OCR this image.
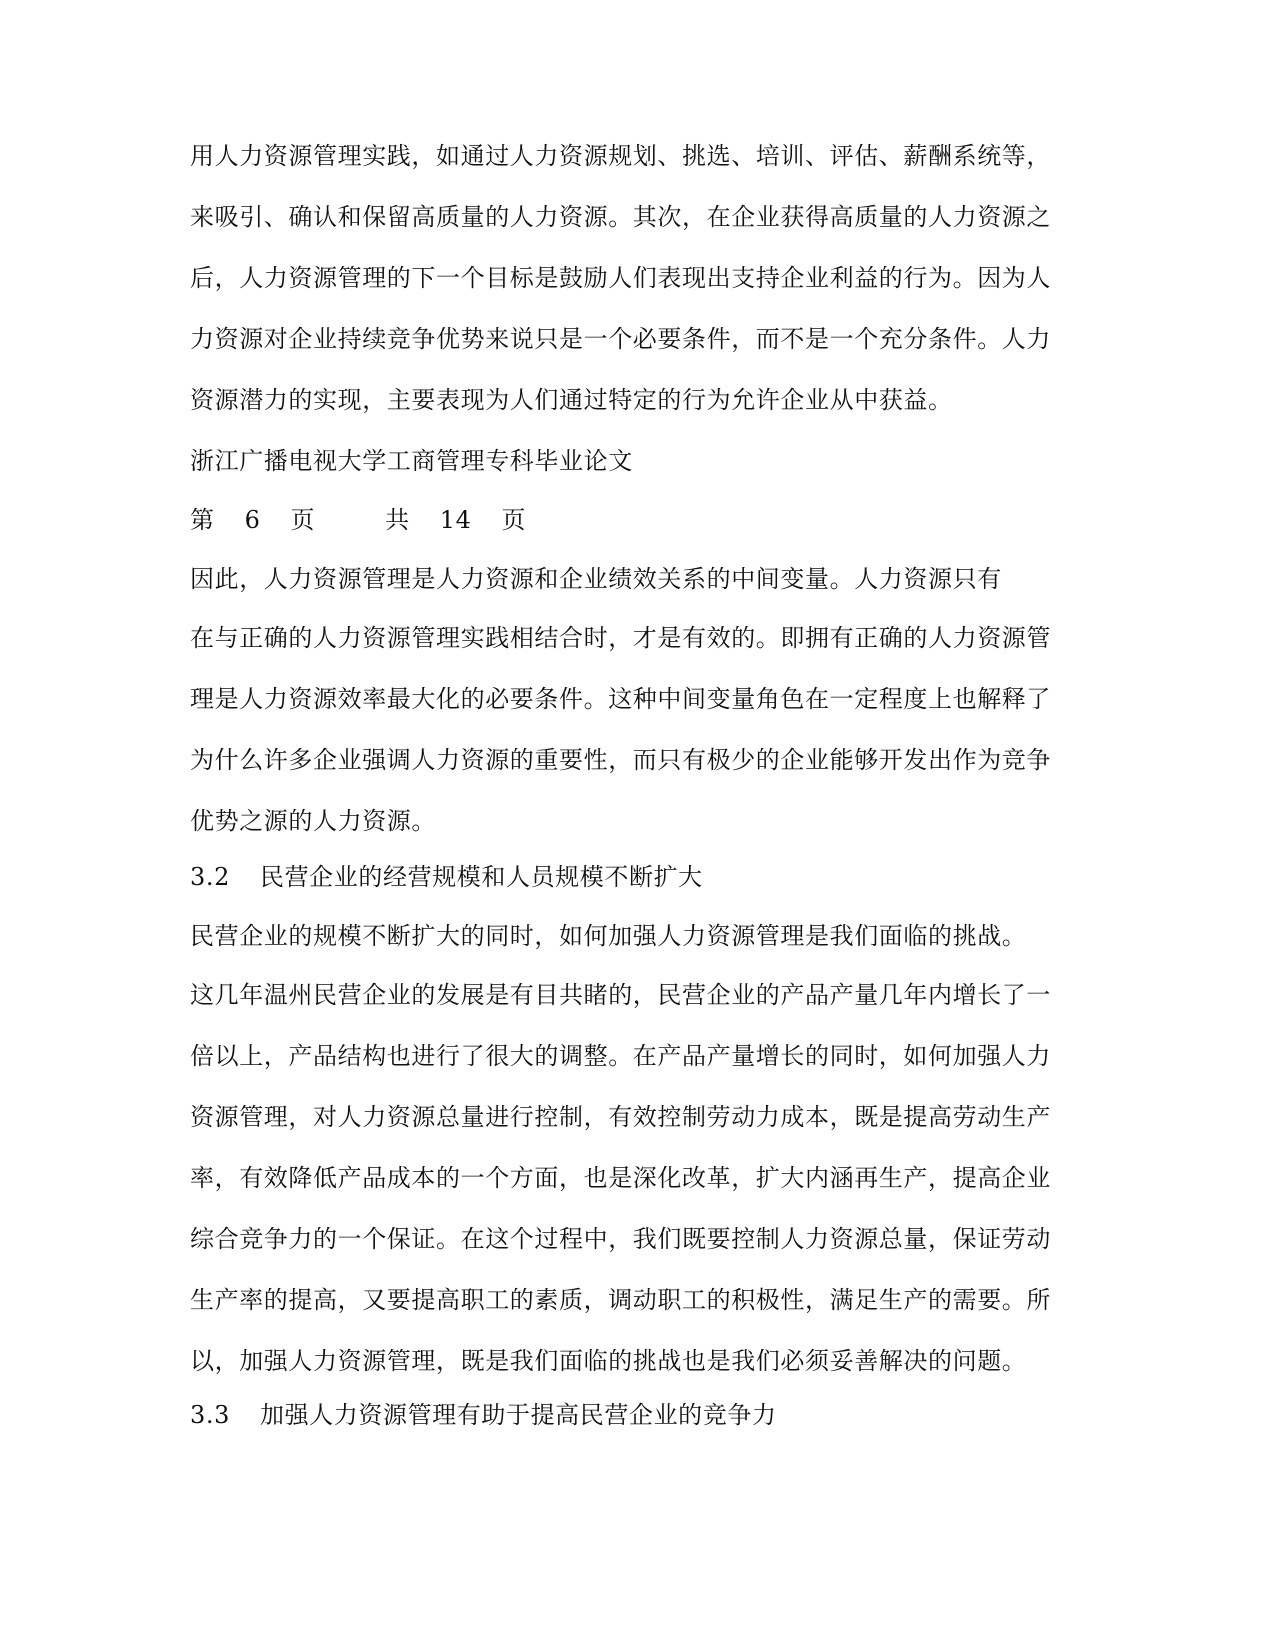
用人力资源管理实践，如通过人力资源规划、挑选、培训、评估、薪酬系统等，
来吸引、确认和保留高质量的人力资源。其次，在企业获得高质量的人力资源之
后，人力资源管理的下一个目标是鼓励人们表现出支持企业利益的行为。因为人
力资源对企业持续竞争优势来说只是一个必要条件，而不是一个充分条件。人力
资源潜力的实现，主要表现为人们通过特定的行为允许企业从中获益。
浙江广播电视大学工商管理专科毕业论文
第 6 页	共 14 页
因此，人力资源管理是人力资源和企业绩效关系的中间变量。人力资源只有
在与正确的人力资源管理实践相结合时，才是有效的。即拥有正确的人力资源管
理是人力资源效率最大化的必要条件。这种中间变量角色在一定程度上也解释了
为什么许多企业强调人力资源的重要性，而只有极少的企业能够开发出作为竞争
优势之源的人力资源。
3.2 民营企业的经营规模和人员规模不断扩大
民营企业的规模不断扩大的同时，如何加强人力资源管理是我们面临的挑战。
这几年温州民营企业的发展是有目共睹的，民营企业的产品产量几年内增长了一
倍以上，产品结构也进行了很大的调整。在产品产量增长的同时，如何加强人力
资源管理，对人力资源总量进行控制，有效控制劳动力成本，既是提高劳动生产
率，有效降低产品成本的一个方面，也是深化改革，扩大内涵再生产，提高企业
综合竞争力的一个保证。在这个过程中，我们既要控制人力资源总量，保证劳动
生产率的提高，又要提高职工的素质，调动职工的积极性，满足生产的需要。所
以，加强人力资源管理，既是我们面临的挑战也是我们必须妥善解决的问题。
3.3 加强人力资源管理有助于提高民营企业的竞争力
